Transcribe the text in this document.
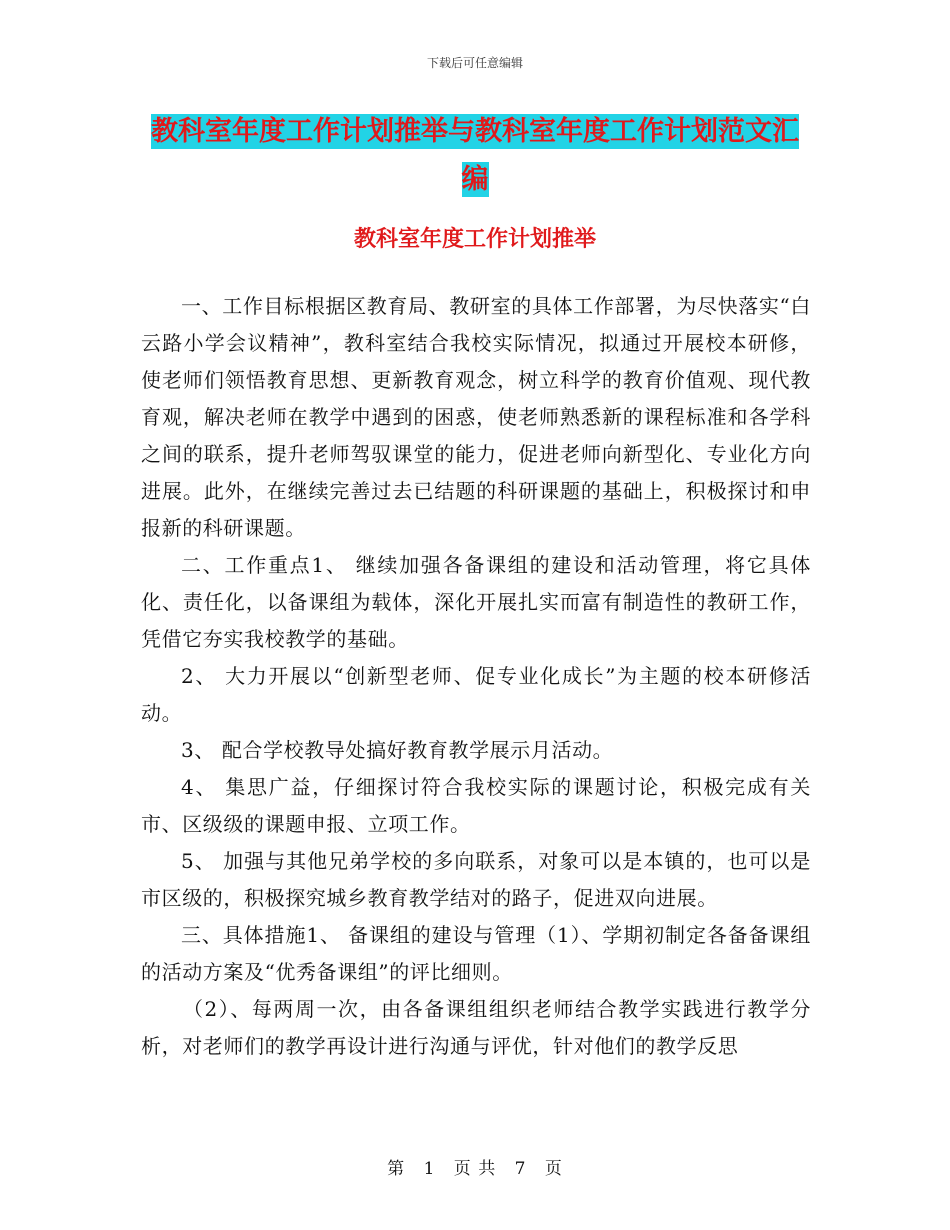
下载后可任意编辑
教科室年度工作计划推举与教科室年度工作计划范文汇编
教科室年度工作计划推举

一、工作目标根据区教育局、教研室的具体工作部署，为尽快落实“白云路小学会议精神”，教科室结合我校实际情况，拟通过开展校本研修，使老师们领悟教育思想、更新教育观念，树立科学的教育价值观、现代教育观，解决老师在教学中遇到的困惑，使老师熟悉新的课程标准和各学科之间的联系，提升老师驾驭课堂的能力，促进老师向新型化、专业化方向进展。此外，在继续完善过去已结题的科研课题的基础上，积极探讨和申报新的科研课题。

二、工作重点1、 继续加强各备课组的建设和活动管理，将它具体化、责任化，以备课组为载体，深化开展扎实而富有制造性的教研工作，凭借它夯实我校教学的基础。

2、 大力开展以“创新型老师、促专业化成长”为主题的校本研修活动。

3、 配合学校教导处搞好教育教学展示月活动。

4、 集思广益，仔细探讨符合我校实际的课题讨论，积极完成有关市、区级级的课题申报、立项工作。

5、 加强与其他兄弟学校的多向联系，对象可以是本镇的，也可以是市区级的，积极探究城乡教育教学结对的路子，促进双向进展。

三、具体措施1、 备课组的建设与管理（1）、学期初制定各备备课组的活动方案及“优秀备课组”的评比细则。

（2）、每两周一次，由各备课组组织老师结合教学实践进行教学分析，对老师们的教学再设计进行沟通与评优，针对他们的教学反思

第 1 页 共 7 页
